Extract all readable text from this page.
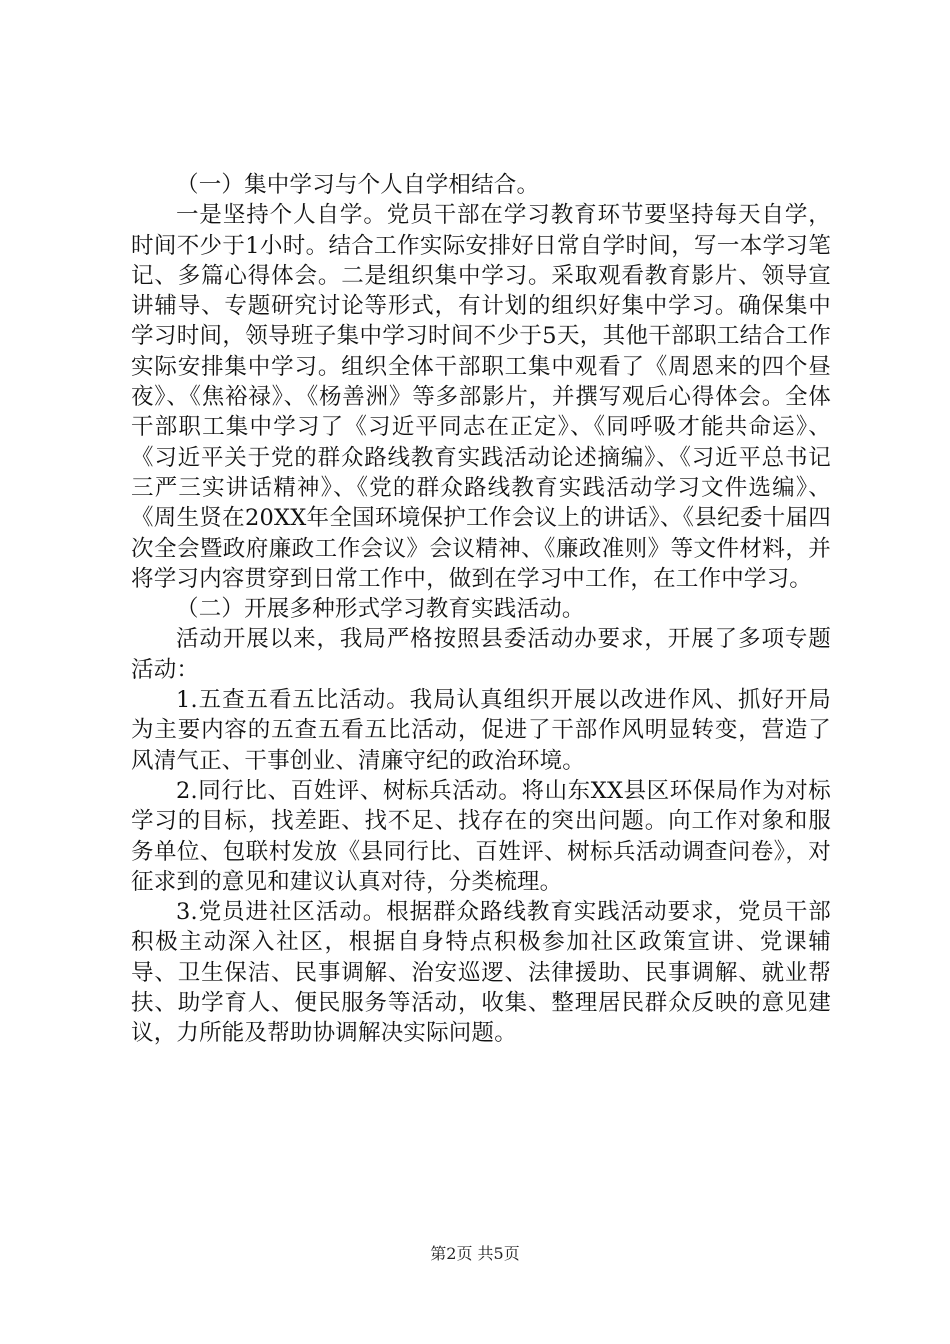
（一）集中学习与个人自学相结合。

一是坚持个人自学。党员干部在学习教育环节要坚持每天自学，时间不少于1小时。结合工作实际安排好日常自学时间，写一本学习笔记、多篇心得体会。二是组织集中学习。采取观看教育影片、领导宣讲辅导、专题研究讨论等形式，有计划的组织好集中学习。确保集中学习时间，领导班子集中学习时间不少于5天，其他干部职工结合工作实际安排集中学习。组织全体干部职工集中观看了《周恩来的四个昼夜》、《焦裕禄》、《杨善洲》等多部影片，并撰写观后心得体会。全体干部职工集中学习了《习近平同志在正定》、《同呼吸才能共命运》、《习近平关于党的群众路线教育实践活动论述摘编》、《习近平总书记三严三实讲话精神》、《党的群众路线教育实践活动学习文件选编》、《周生贤在20XX年全国环境保护工作会议上的讲话》、《县纪委十届四次全会暨政府廉政工作会议》会议精神、《廉政准则》等文件材料，并将学习内容贯穿到日常工作中，做到在学习中工作，在工作中学习。

（二）开展多种形式学习教育实践活动。

活动开展以来，我局严格按照县委活动办要求，开展了多项专题活动：

1.五查五看五比活动。我局认真组织开展以改进作风、抓好开局为主要内容的五查五看五比活动，促进了干部作风明显转变，营造了风清气正、干事创业、清廉守纪的政治环境。

2.同行比、百姓评、树标兵活动。将山东XX县区环保局作为对标学习的目标，找差距、找不足、找存在的突出问题。向工作对象和服务单位、包联村发放《县同行比、百姓评、树标兵活动调查问卷》，对征求到的意见和建议认真对待，分类梳理。

3.党员进社区活动。根据群众路线教育实践活动要求，党员干部积极主动深入社区，根据自身特点积极参加社区政策宣讲、党课辅导、卫生保洁、民事调解、治安巡逻、法律援助、民事调解、就业帮扶、助学育人、便民服务等活动，收集、整理居民群众反映的意见建议，力所能及帮助协调解决实际问题。

第2页 共5页
